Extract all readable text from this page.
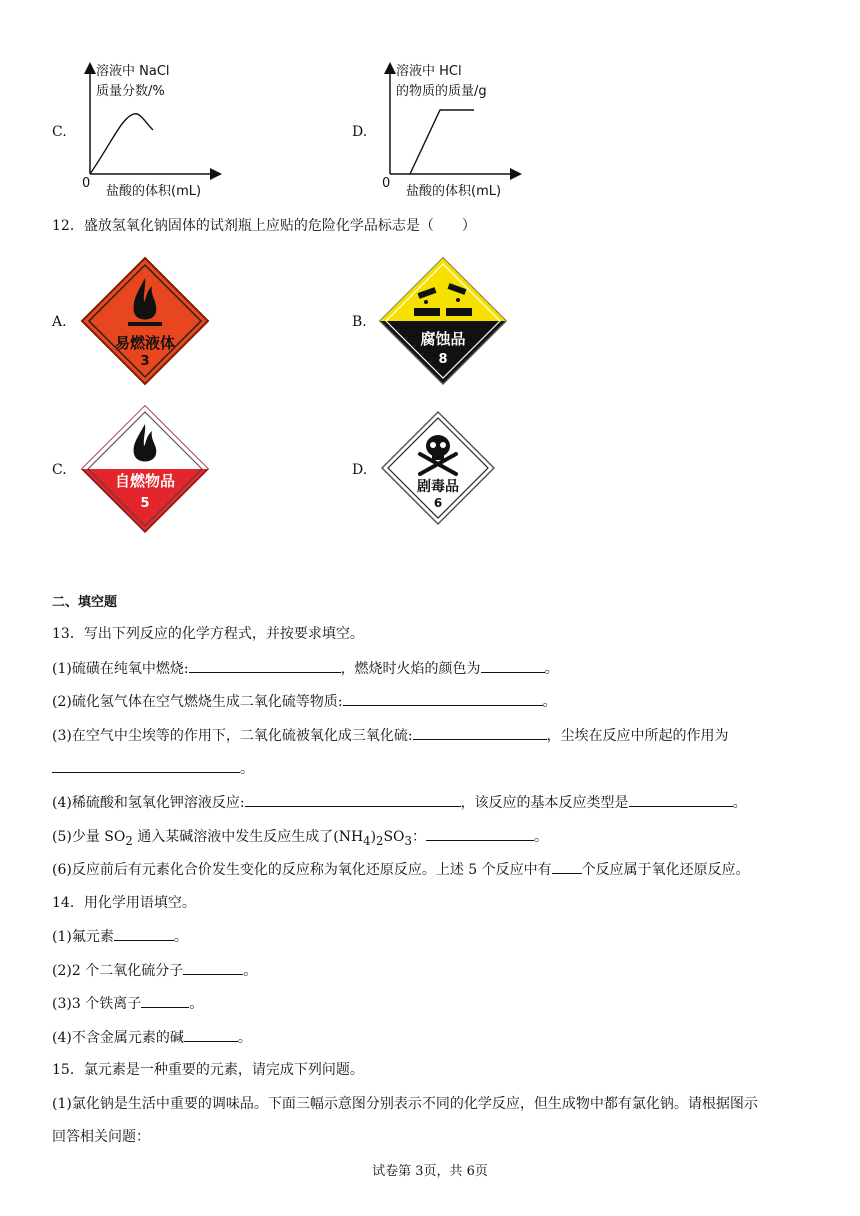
C.
溶液中 NaCl
质量分数/%
0
盐酸的体积(mL)
D.
溶液中 HCl
的物质的质量/g
0
盐酸的体积(mL)
12．盛放氢氧化钠固体的试剂瓶上应贴的危险化学品标志是（　　）
A.
易燃液体
3
B.
腐蚀品
8
C.
自燃物品
5
D.
剧毒品
6
二、填空题
13．写出下列反应的化学方程式，并按要求填空。
(1)硫磺在纯氧中燃烧:	，燃烧时火焰的颜色为	。
(2)硫化氢气体在空气燃烧生成二氧化硫等物质:	。
(3)在空气中尘埃等的作用下，二氧化硫被氧化成三氧化硫:	，尘埃在反应中所起的作用为
。
(4)稀硫酸和氢氧化钾溶液反应:	，该反应的基本反应类型是	。
(5)少量 $SO_2$ 通入某碱溶液中发生反应生成了$(NH_4)_2SO_3$：	。
(6)反应前后有元素化合价发生变化的反应称为氧化还原反应。上述 5 个反应中有 个反应属于氧化还原反应。
14．用化学用语填空。
(1)氟元素	。
(2)2 个二氧化硫分子	。
(3)3 个铁离子	。
(4)不含金属元素的碱	。
15．氯元素是一种重要的元素，请完成下列问题。
(1)氯化钠是生活中重要的调味品。下面三幅示意图分别表示不同的化学反应，但生成物中都有氯化钠。请根据图示
回答相关问题：
试卷第 3页，共 6页
